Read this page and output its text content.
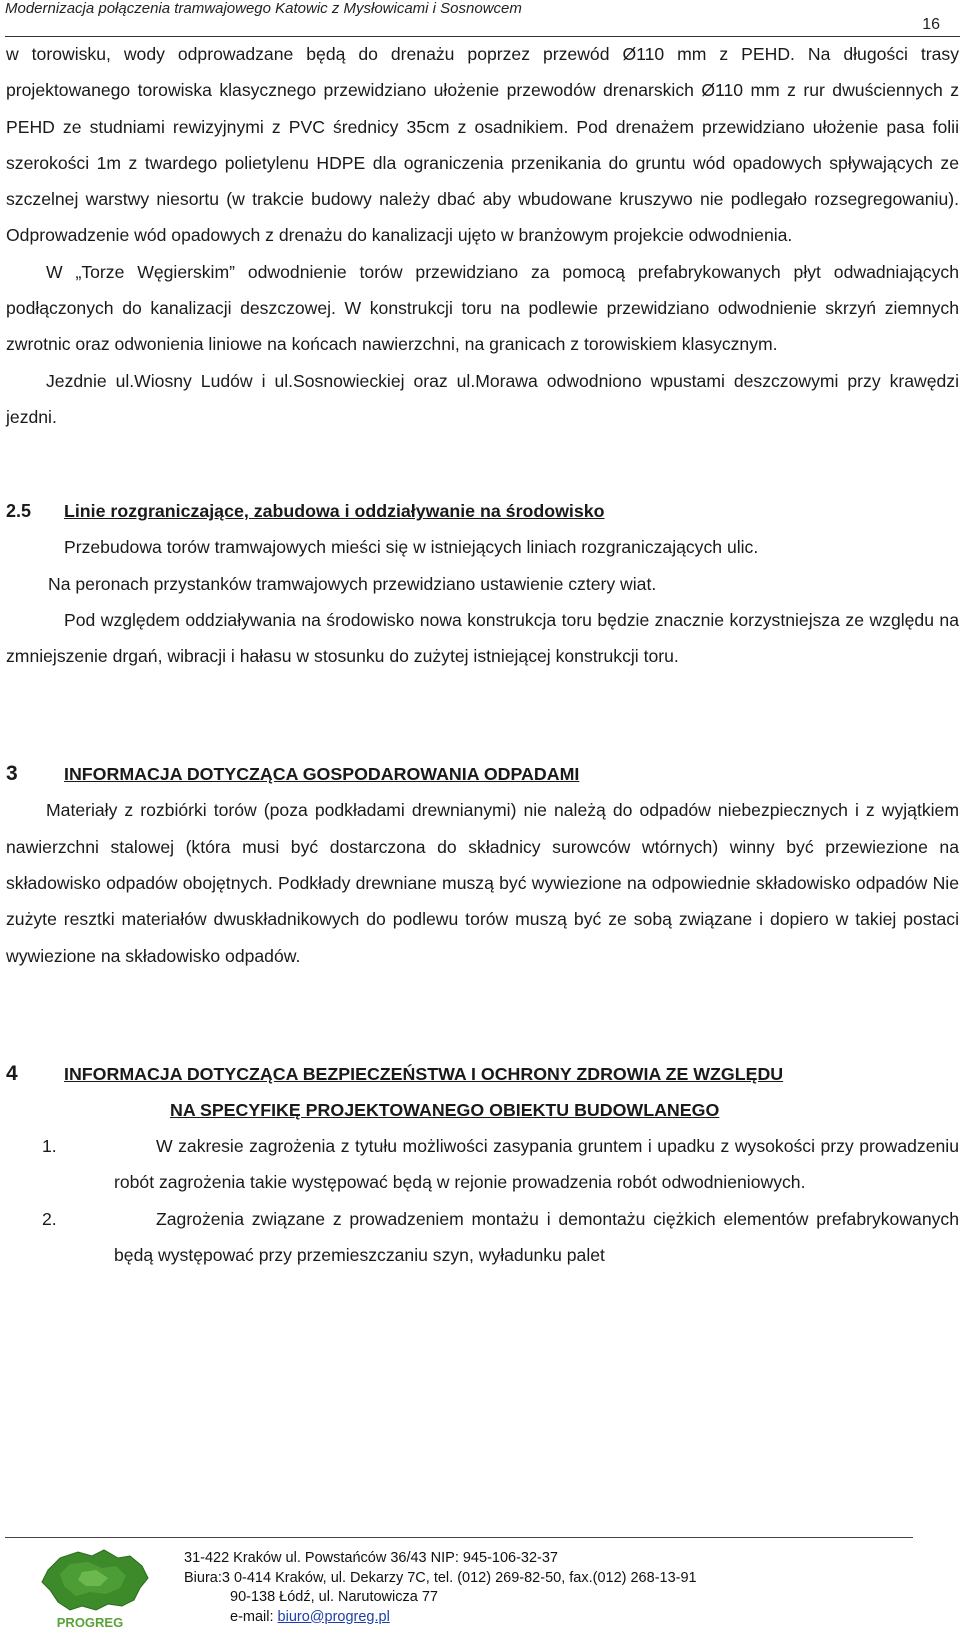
Modernizacja połączenia tramwajowego Katowic z Mysłowicami i Sosnowcem
16

w torowisku, wody odprowadzane będą do drenażu poprzez przewód Ø110 mm z PEHD. Na długości trasy projektowanego torowiska klasycznego przewidziano ułożenie przewodów drenarskich Ø110 mm z rur dwuściennych z PEHD ze studniami rewizyjnymi z PVC średnicy 35cm z osadnikiem. Pod drenażem przewidziano ułożenie pasa folii szerokości 1m z twardego polietylenu HDPE dla ograniczenia przenikania do gruntu wód opadowych spływających ze szczelnej warstwy niesortu (w trakcie budowy należy dbać aby wbudowane kruszywo nie podlegało rozsegregowaniu). Odprowadzenie wód opadowych z drenażu do kanalizacji ujęto w branżowym projekcie odwodnienia.

W „Torze Węgierskim” odwodnienie torów przewidziano za pomocą prefabrykowanych płyt odwadniających podłączonych do kanalizacji deszczowej. W konstrukcji toru na podlewie przewidziano odwodnienie skrzyń ziemnych zwrotnic oraz odwonienia liniowe na końcach nawierzchni, na granicach z torowiskiem klasycznym.

Jezdnie ul.Wiosny Ludów i ul.Sosnowieckiej oraz ul.Morawa odwodniono wpustami deszczowymi przy krawędzi jezdni.

2.5	Linie rozgraniczające, zabudowa i oddziaływanie na środowisko

Przebudowa torów tramwajowych mieści się w istniejących liniach rozgraniczających ulic.

Na peronach przystanków tramwajowych przewidziano ustawienie cztery wiat.

Pod względem oddziaływania na środowisko nowa konstrukcja toru będzie znacznie korzystniejsza ze względu na zmniejszenie drgań, wibracji i hałasu w stosunku do zużytej istniejącej konstrukcji toru.

3	INFORMACJA DOTYCZĄCA GOSPODAROWANIA ODPADAMI

Materiały z rozbiórki torów (poza podkładami drewnianymi) nie należą do odpadów niebezpiecznych i z wyjątkiem nawierzchni stalowej (która musi być dostarczona do składnicy surowców wtórnych) winny być przewiezione na składowisko odpadów obojętnych. Podkłady drewniane muszą być wywiezione na odpowiednie składowisko odpadów Nie zużyte resztki materiałów dwuskładnikowych do podlewu torów muszą być ze sobą związane i dopiero w takiej postaci wywiezione na składowisko odpadów.

4	INFORMACJA DOTYCZĄCA BEZPIECZEŃSTWA I OCHRONY ZDROWIA ZE WZGLĘDU
NA SPECYFIKĘ PROJEKTOWANEGO OBIEKTU BUDOWLANEGO
1.	W zakresie zagrożenia z tytułu możliwości zasypania gruntem i upadku z wysokości przy prowadzeniu robót zagrożenia takie występować będą w rejonie prowadzenia robót odwodnieniowych.
2.	Zagrożenia związane z prowadzeniem montażu i demontażu ciężkich elementów prefabrykowanych będą występować przy przemieszczaniu szyn, wyładunku palet
PROGREG
31-422 Kraków ul. Powstańców 36/43 NIP: 945-106-32-37
Biura:3 0-414 Kraków, ul. Dekarzy 7C, tel. (012) 269-82-50, fax.(012) 268-13-91
90-138 Łódź, ul. Narutowicza 77
e-mail: biuro@progreg.pl
